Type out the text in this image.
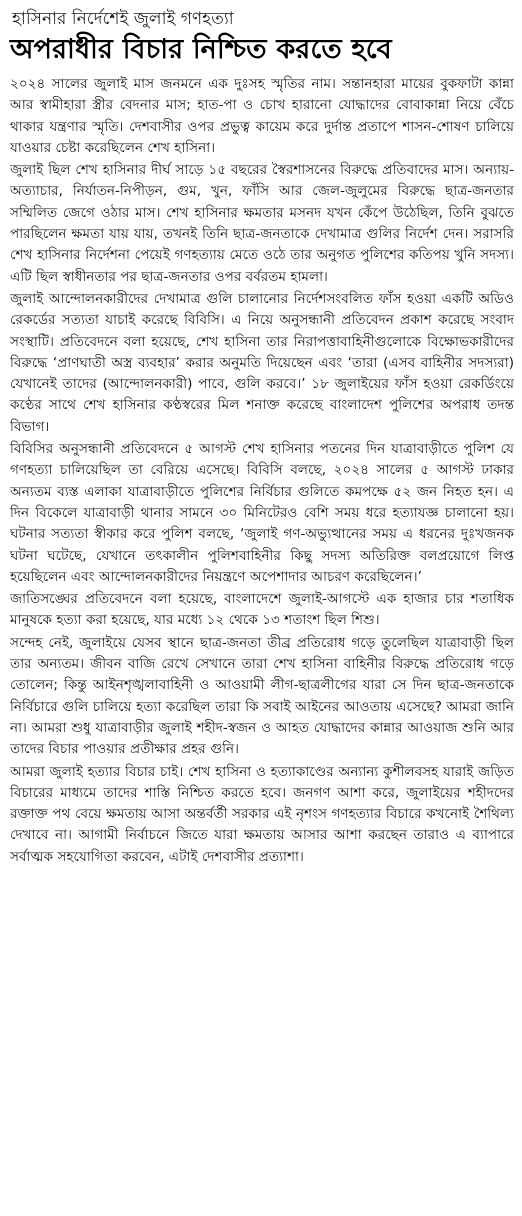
হাসিনার নির্দেশেই জুলাই গণহত্যা
অপরাধীর বিচার নিশ্চিত করতে হবে

২০২৪ সালের জুলাই মাস জনমনে এক দুঃসহ স্মৃতির নাম। সন্তানহারা মায়ের বুকফাটা কান্না আর স্বামীহারা স্ত্রীর বেদনার মাস; হাত-পা ও চোখ হারানো যোদ্ধাদের বোবাকান্না নিয়ে বেঁচে থাকার যন্ত্রণার স্মৃতি। দেশবাসীর ওপর প্রভুত্ব কায়েম করে দুর্দান্ত প্রতাপে শাসন-শোষণ চালিয়ে যাওয়ার চেষ্টা করেছিলেন শেখ হাসিনা।

জুলাই ছিল শেখ হাসিনার দীর্ঘ সাড়ে ১৫ বছরের স্বৈরশাসনের বিরুদ্ধে প্রতিবাদের মাস। অন্যায়-অত্যাচার, নির্যাতন-নিপীড়ন, গুম, খুন, ফাঁসি আর জেল-জুলুমের বিরুদ্ধে ছাত্র-জনতার সম্মিলিত জেগে ওঠার মাস। শেখ হাসিনার ক্ষমতার মসনদ যখন কেঁপে উঠেছিল, তিনি বুঝতে পারছিলেন ক্ষমতা যায় যায়, তখনই তিনি ছাত্র-জনতাকে দেখামাত্র গুলির নির্দেশ দেন। সরাসরি শেখ হাসিনার নির্দেশনা পেয়েই গণহত্যায় মেতে ওঠে তার অনুগত পুলিশের কতিপয় খুনি সদস্য। এটি ছিল স্বাধীনতার পর ছাত্র-জনতার ওপর বর্বরতম হামলা।

জুলাই আন্দোলনকারীদের দেখামাত্র গুলি চালানোর নির্দেশসংবলিত ফাঁস হওয়া একটি অডিও রেকর্ডের সত্যতা যাচাই করেছে বিবিসি। এ নিয়ে অনুসন্ধানী প্রতিবেদন প্রকাশ করেছে সংবাদ সংস্থাটি। প্রতিবেদনে বলা হয়েছে, শেখ হাসিনা তার নিরাপত্তাবাহিনীগুলোকে বিক্ষোভকারীদের বিরুদ্ধে ‘প্রাণঘাতী অস্ত্র ব্যবহার’ করার অনুমতি দিয়েছেন এবং ‘তারা (এসব বাহিনীর সদস্যরা) যেখানেই তাদের (আন্দোলনকারী) পাবে, গুলি করবে।’ ১৮ জুলাইয়ের ফাঁস হওয়া রেকর্ডিংয়ে কণ্ঠের সাথে শেখ হাসিনার কণ্ঠস্বরের মিল শনাক্ত করেছে বাংলাদেশ পুলিশের অপরাধ তদন্ত বিভাগ।

বিবিসির অনুসন্ধানী প্রতিবেদনে ৫ আগস্ট শেখ হাসিনার পতনের দিন যাত্রাবাড়ীতে পুলিশ যে গণহত্যা চালিয়েছিল তা বেরিয়ে এসেছে। বিবিসি বলছে, ২০২৪ সালের ৫ আগস্ট ঢাকার অন্যতম ব্যস্ত এলাকা যাত্রাবাড়ীতে পুলিশের নির্বিচার গুলিতে কমপক্ষে ৫২ জন নিহত হন। এ দিন বিকেলে যাত্রাবাড়ী থানার সামনে ৩০ মিনিটেরও বেশি সময় ধরে হত্যাযজ্ঞ চালানো হয়। ঘটনার সত্যতা স্বীকার করে পুলিশ বলছে, ‘জুলাই গণ-অভ্যুত্থানের সময় এ ধরনের দুঃখজনক ঘটনা ঘটেছে, যেখানে তৎকালীন পুলিশবাহিনীর কিছু সদস্য অতিরিক্ত বলপ্রয়োগে লিপ্ত হয়েছিলেন এবং আন্দোলনকারীদের নিয়ন্ত্রণে অপেশাদার আচরণ করেছিলেন।’

জাতিসঙ্ঘের প্রতিবেদনে বলা হয়েছে, বাংলাদেশে জুলাই-আগস্টে এক হাজার চার শতাধিক মানুষকে হত্যা করা হয়েছে, যার মধ্যে ১২ থেকে ১৩ শতাংশ ছিল শিশু।

সন্দেহ নেই, জুলাইয়ে যেসব স্থানে ছাত্র-জনতা তীব্র প্রতিরোধ গড়ে তুলেছিল যাত্রাবাড়ী ছিল তার অন্যতম। জীবন বাজি রেখে সেখানে তারা শেখ হাসিনা বাহিনীর বিরুদ্ধে প্রতিরোধ গড়ে তোলেন; কিন্তু আইনশৃঙ্খলাবাহিনী ও আওয়ামী লীগ-ছাত্রলীগের যারা সে দিন ছাত্র-জনতাকে নির্বিচারে গুলি চালিয়ে হত্যা করেছিল তারা কি সবাই আইনের আওতায় এসেছে? আমরা জানি না। আমরা শুধু যাত্রাবাড়ীর জুলাই শহীদ-স্বজন ও আহত যোদ্ধাদের কান্নার আওয়াজ শুনি আর তাদের বিচার পাওয়ার প্রতীক্ষার প্রহর গুনি।

আমরা জুলাই হত্যার বিচার চাই। শেখ হাসিনা ও হত্যাকাণ্ডের অন্যান্য কুশীলবসহ যারাই জড়িত বিচারের মাধ্যমে তাদের শাস্তি নিশ্চিত করতে হবে। জনগণ আশা করে, জুলাইয়ের শহীদদের রক্তাক্ত পথ বেয়ে ক্ষমতায় আসা অন্তর্বর্তী সরকার এই নৃশংস গণহত্যার বিচারে কখনোই শৈথিল্য দেখাবে না। আগামী নির্বাচনে জিতে যারা ক্ষমতায় আসার আশা করছেন তারাও এ ব্যাপারে সর্বাত্মক সহযোগিতা করবেন, এটাই দেশবাসীর প্রত্যাশা।
